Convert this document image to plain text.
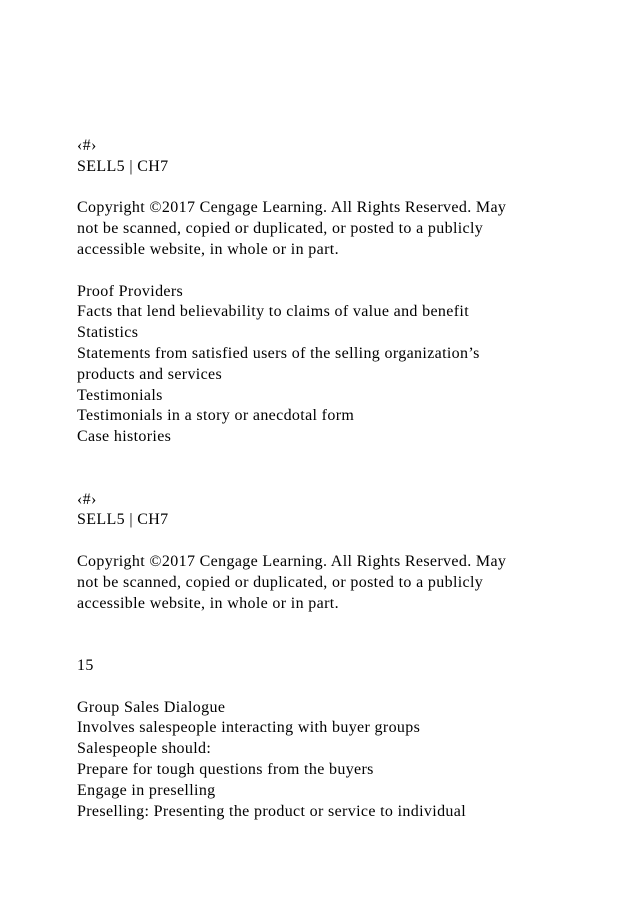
‹#›
SELL5 | CH7
Copyright ©2017 Cengage Learning. All Rights Reserved. May
not be scanned, copied or duplicated, or posted to a publicly
accessible website, in whole or in part.
Proof Providers
Facts that lend believability to claims of value and benefit
Statistics
Statements from satisfied users of the selling organization’s
products and services
Testimonials
Testimonials in a story or anecdotal form
Case histories
‹#›
SELL5 | CH7
Copyright ©2017 Cengage Learning. All Rights Reserved. May
not be scanned, copied or duplicated, or posted to a publicly
accessible website, in whole or in part.
15
Group Sales Dialogue
Involves salespeople interacting with buyer groups
Salespeople should:
Prepare for tough questions from the buyers
Engage in preselling
Preselling: Presenting the product or service to individual
